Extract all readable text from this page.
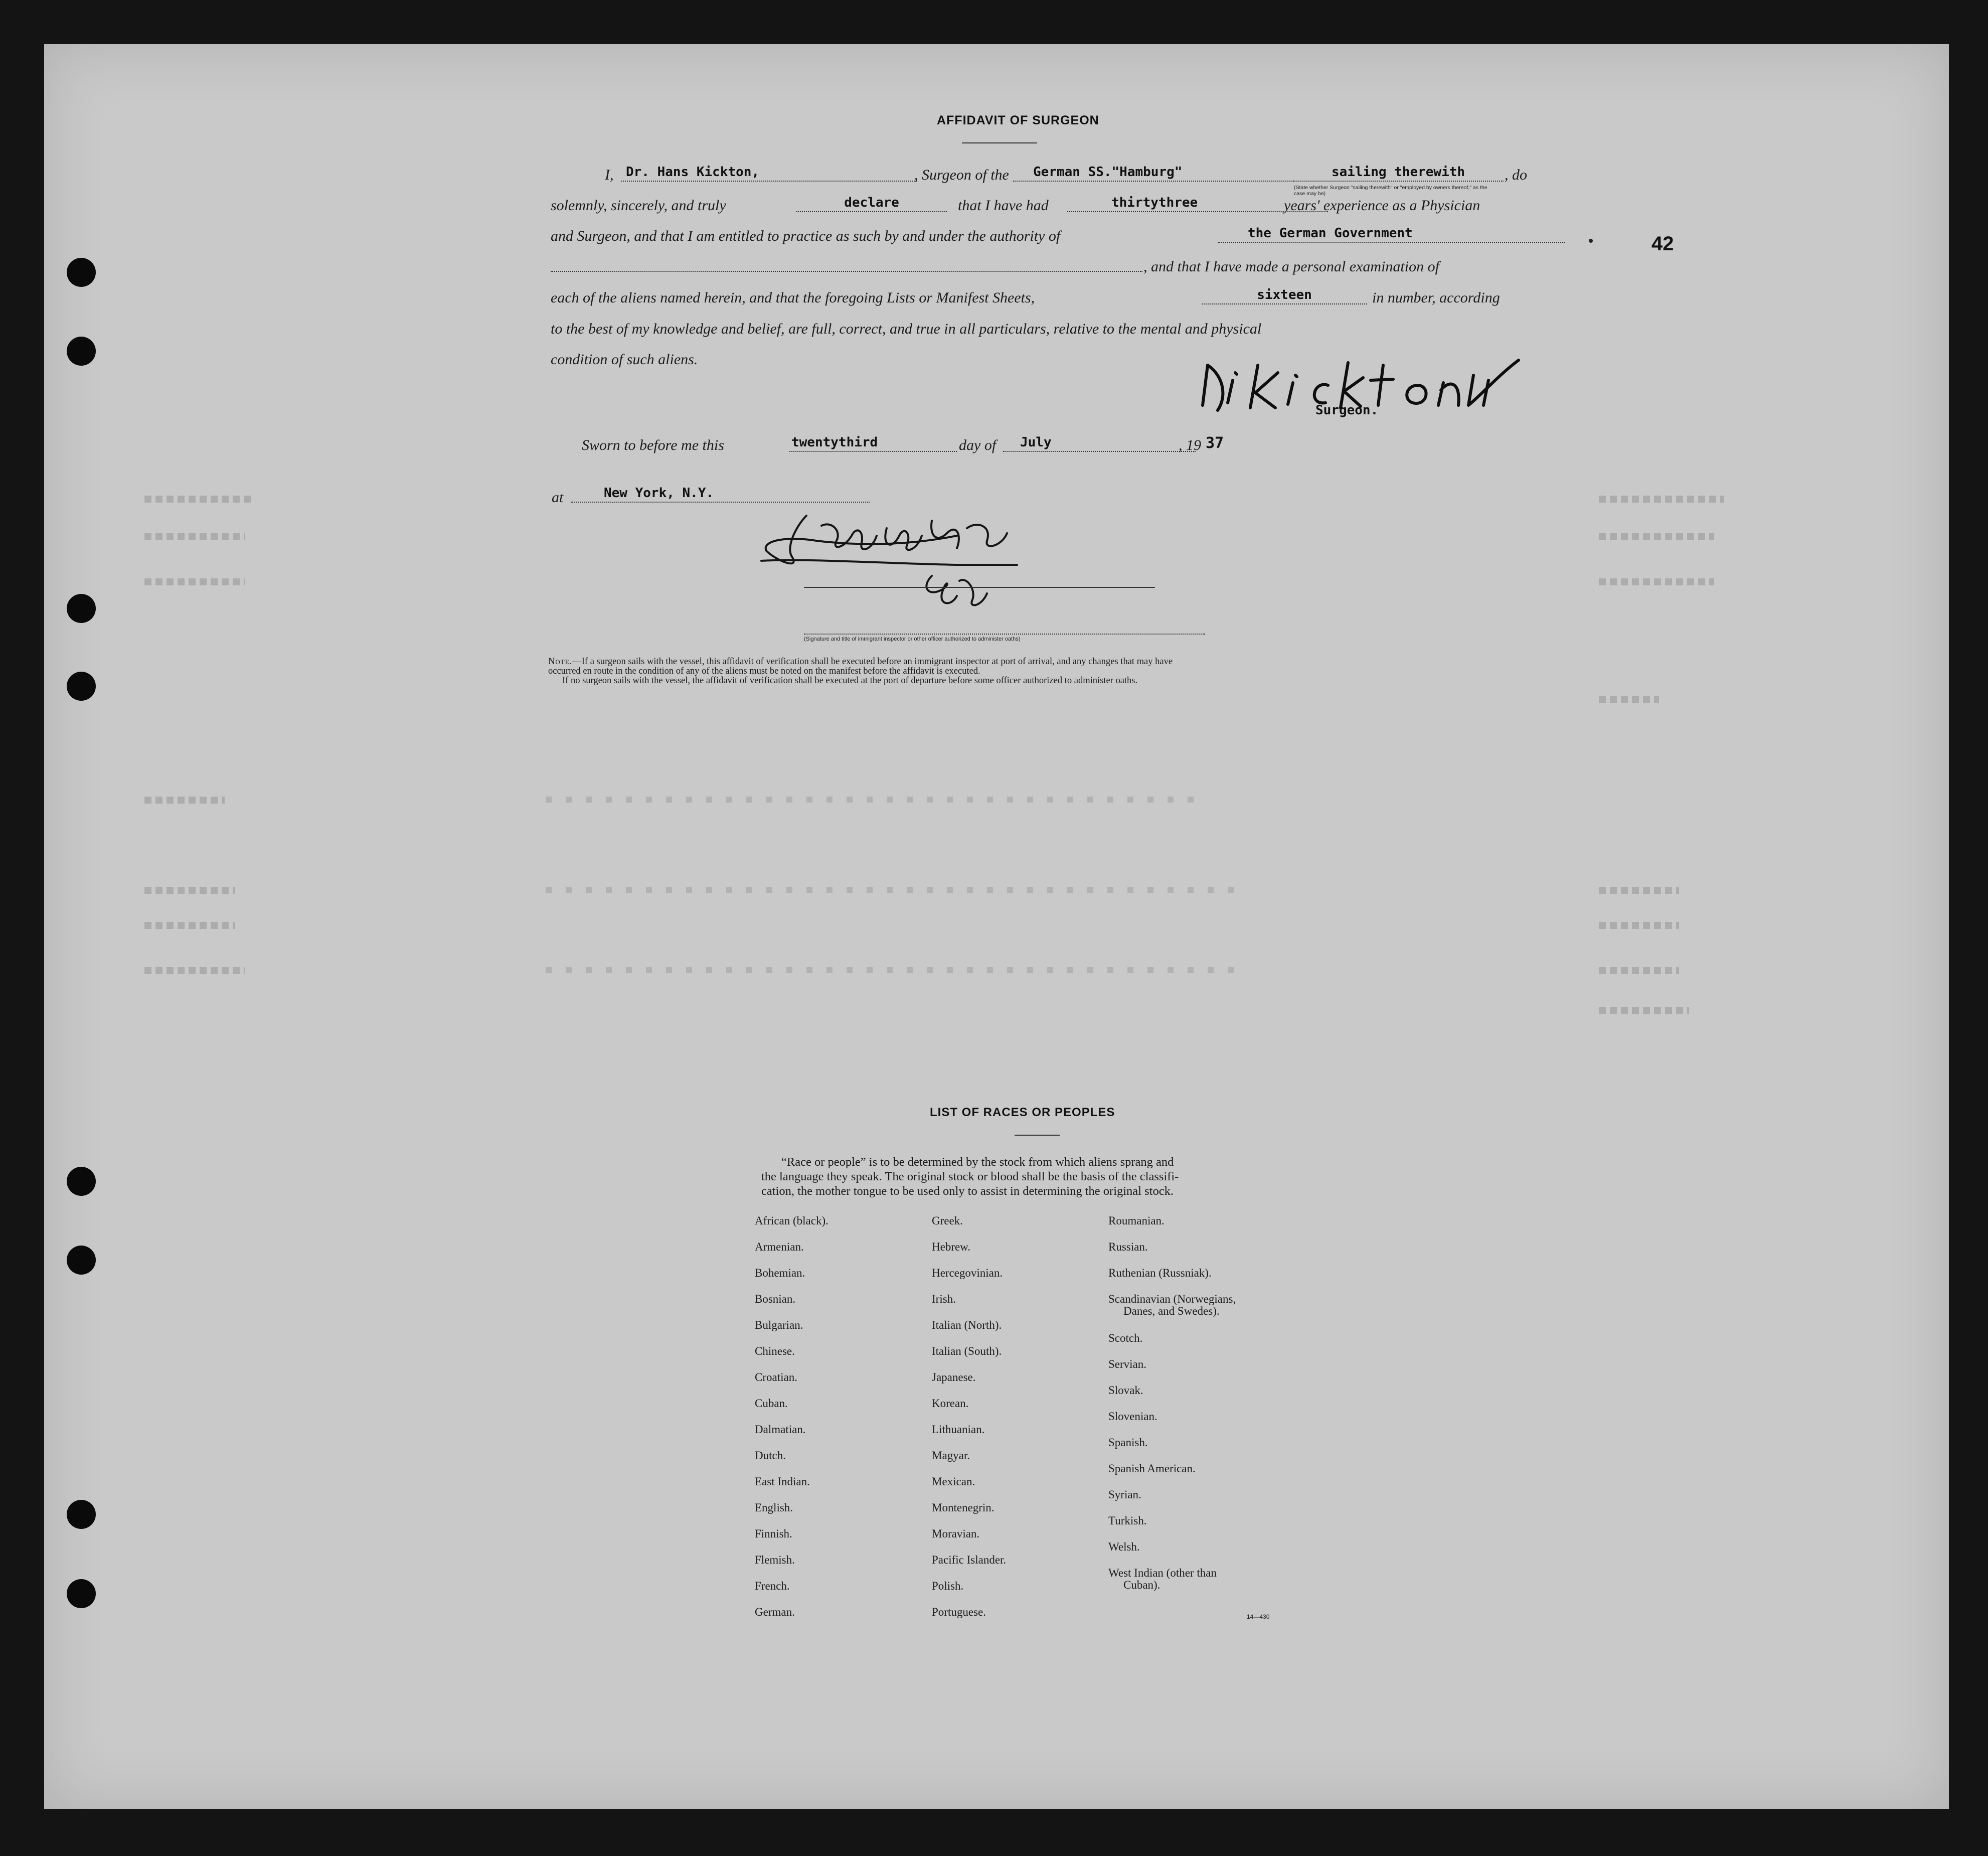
42
AFFIDAVIT OF SURGEON
I, Dr. Hans Kickton,	, Surgeon of the	German SS."Hamburg"	sailing therewith	, do
(State whether Surgeon "sailing therewith" or "employed by owners thereof," as the case may be)
solemnly, sincerely, and truly	declare	that I have had	thirtythree	years' experience as a Physician
and Surgeon, and that I am entitled to practice as such by and under the authority of	the German Government
, and that I have made a personal examination of
each of the aliens named herein, and that the foregoing Lists or Manifest Sheets,	sixteen	in number, according
to the best of my knowledge and belief, are full, correct, and true in all particulars, relative to the mental and physical
condition of such aliens.
Surgeon.
Sworn to before me this	twentythird	day of	July	, 19 37
at	New York, N.Y.
(Signature and title of immigrant inspector or other officer authorized to administer oaths)
Note.—If a surgeon sails with the vessel, this affidavit of verification shall be executed before an immigrant inspector at port of arrival, and any changes that may have
occurred en route in the condition of any of the aliens must be noted on the manifest before the affidavit is executed.
If no surgeon sails with the vessel, the affidavit of verification shall be executed at the port of departure before some officer authorized to administer oaths.
LIST OF RACES OR PEOPLES
“Race or people” is to be determined by the stock from which aliens sprang and
the language they speak. The original stock or blood shall be the basis of the classifi-
cation, the mother tongue to be used only to assist in determining the original stock.
African (black).
Armenian.
Bohemian.
Bosnian.
Bulgarian.
Chinese.
Croatian.
Cuban.
Dalmatian.
Dutch.
East Indian.
English.
Finnish.
Flemish.
French.
German.
Greek.
Hebrew.
Hercegovinian.
Irish.
Italian (North).
Italian (South).
Japanese.
Korean.
Lithuanian.
Magyar.
Mexican.
Montenegrin.
Moravian.
Pacific Islander.
Polish.
Portuguese.
Roumanian.
Russian.
Ruthenian (Russniak).
Scandinavian (Norwegians,
Danes, and Swedes).
Scotch.
Servian.
Slovak.
Slovenian.
Spanish.
Spanish American.
Syrian.
Turkish.
Welsh.
West Indian (other than
Cuban).
14—430
